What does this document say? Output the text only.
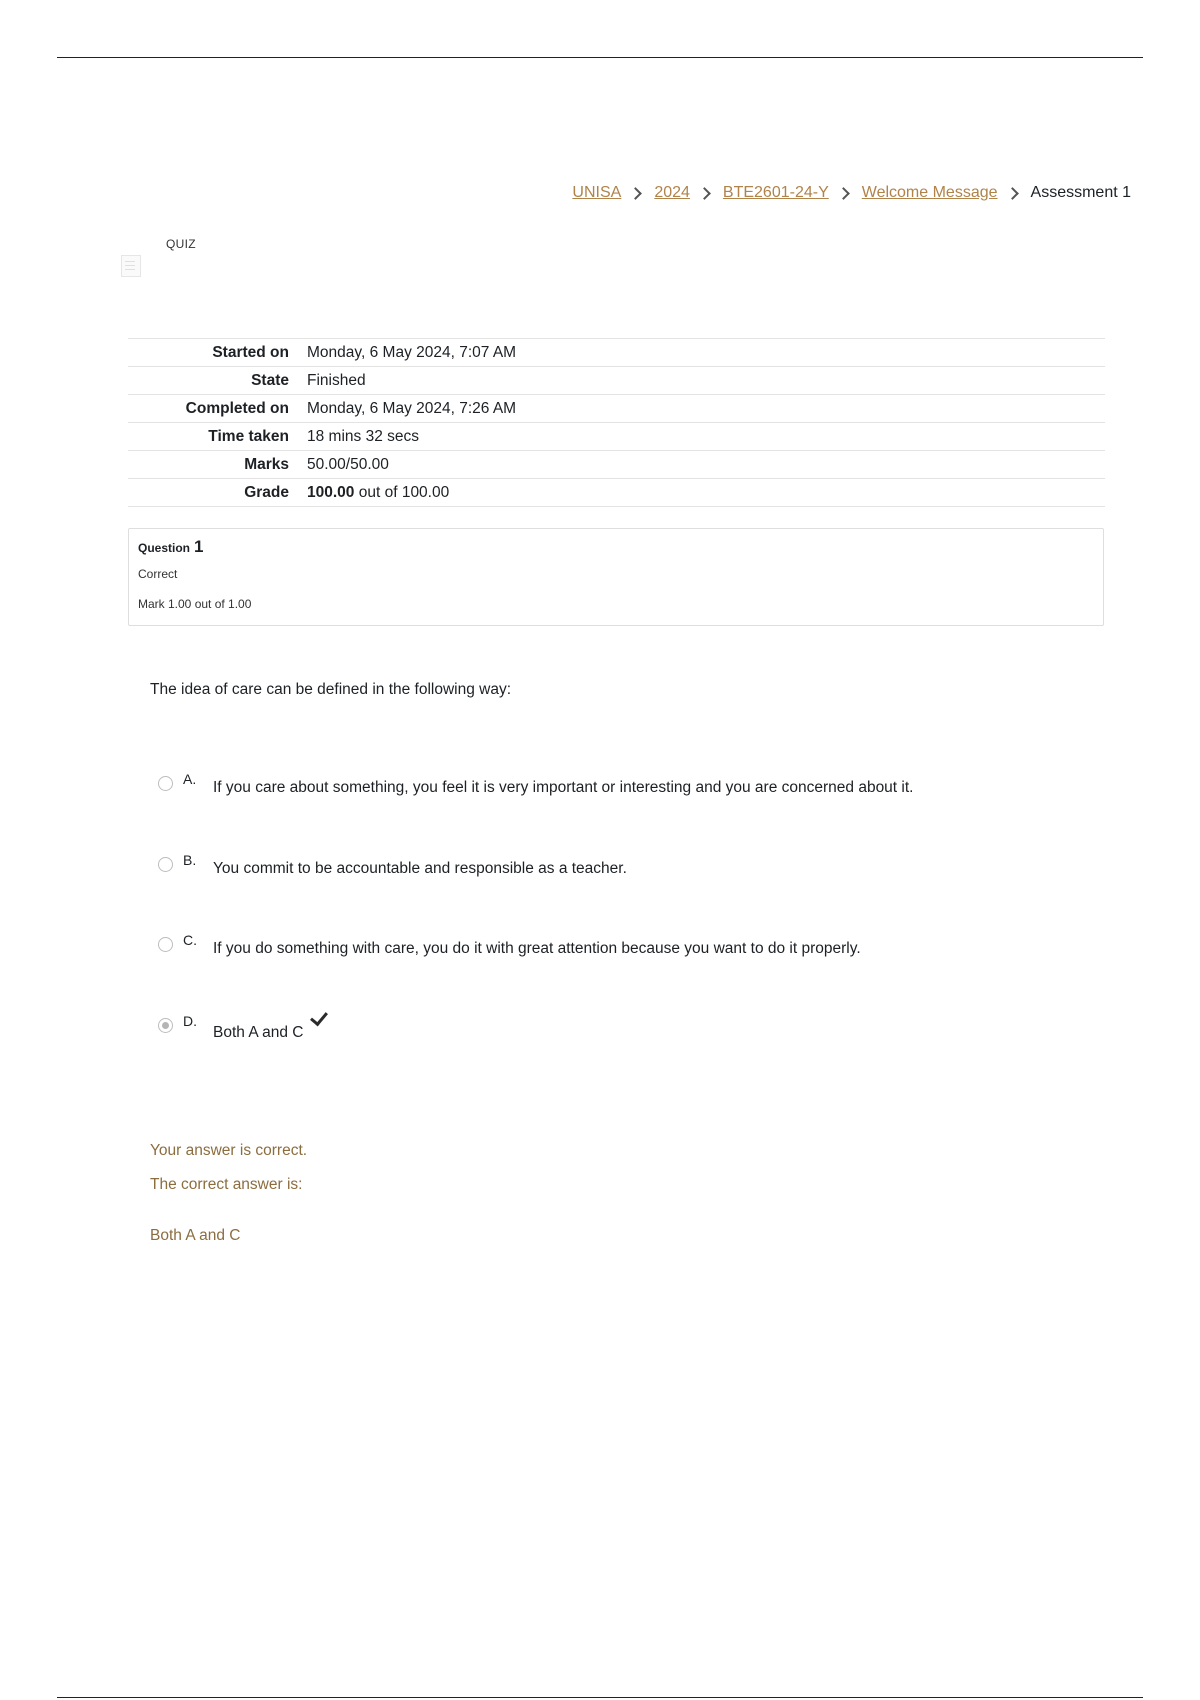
UNISA 2024 BTE2601-24-Y Welcome Message Assessment 1
QUIZ
Started on	Monday, 6 May 2024, 7:07 AM
State	Finished
Completed on	Monday, 6 May 2024, 7:26 AM
Time taken	18 mins 32 secs
Marks	50.00/50.00
Grade	100.00 out of 100.00
Question 1
Correct
Mark 1.00 out of 1.00
The idea of care can be defined in the following way:
A.	If you care about something, you feel it is very important or interesting and you are concerned about it.
B.	You commit to be accountable and responsible as a teacher.
C.	If you do something with care, you do it with great attention because you want to do it properly.
D.
Both A and C
Your answer is correct.
The correct answer is:
Both A and C
